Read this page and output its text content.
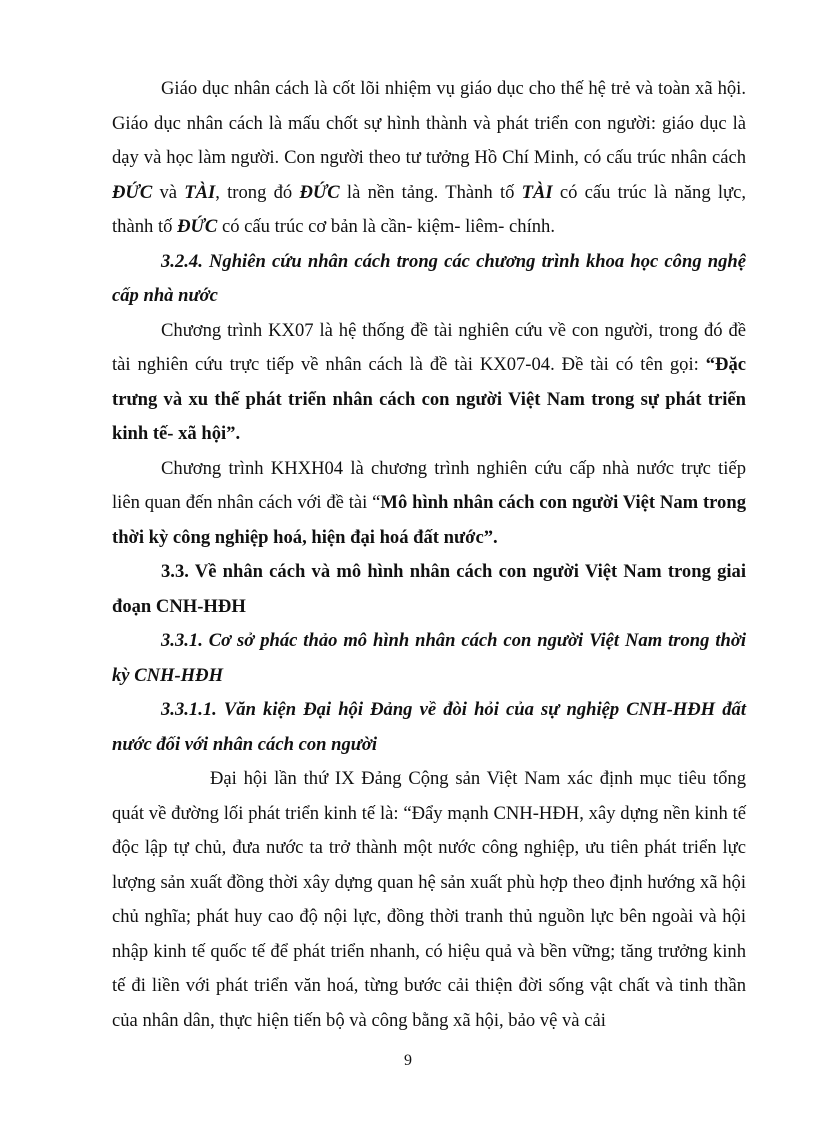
Giáo dục nhân cách là cốt lõi nhiệm vụ giáo dục cho thế hệ trẻ và toàn xã hội. Giáo dục nhân cách là mấu chốt sự hình thành và phát triển con người: giáo dục là dạy và học làm người. Con người theo tư tưởng Hồ Chí Minh, có cấu trúc nhân cách ĐỨC và TÀI, trong đó ĐỨC là nền tảng. Thành tố TÀI có cấu trúc là năng lực, thành tố ĐỨC có cấu trúc cơ bản là cần- kiệm- liêm- chính.

3.2.4. Nghiên cứu nhân cách trong các chương trình khoa học công nghệ cấp nhà nước

Chương trình KX07 là hệ thống đề tài nghiên cứu về con người, trong đó đề tài nghiên cứu trực tiếp về nhân cách là đề tài KX07-04. Đề tài có tên gọi: “Đặc trưng và xu thế phát triển nhân cách con người Việt Nam trong sự phát triển kinh tế- xã hội”.

Chương trình KHXH04 là chương trình nghiên cứu cấp nhà nước trực tiếp liên quan đến nhân cách với đề tài “Mô hình nhân cách con người Việt Nam trong thời kỳ công nghiệp hoá, hiện đại hoá đất nước”.

3.3. Về nhân cách và mô hình nhân cách con người Việt Nam trong giai đoạn CNH-HĐH

3.3.1. Cơ sở phác thảo mô hình nhân cách con người Việt Nam trong thời kỳ CNH-HĐH

3.3.1.1. Văn kiện Đại hội Đảng về đòi hỏi của sự nghiệp CNH-HĐH đất nước đối với nhân cách con người

Đại hội lần thứ IX Đảng Cộng sản Việt Nam xác định mục tiêu tổng quát về đường lối phát triển kinh tế là: “Đẩy mạnh CNH-HĐH, xây dựng nền kinh tế độc lập tự chủ, đưa nước ta trở thành một nước công nghiệp, ưu tiên phát triển lực lượng sản xuất đồng thời xây dựng quan hệ sản xuất phù hợp theo định hướng xã hội chủ nghĩa; phát huy cao độ nội lực, đồng thời tranh thủ nguồn lực bên ngoài và hội nhập kinh tế quốc tế để phát triển nhanh, có hiệu quả và bền vững; tăng trưởng kinh tế đi liền với phát triển văn hoá, từng bước cải thiện đời sống vật chất và tinh thần của nhân dân, thực hiện tiến bộ và công bằng xã hội, bảo vệ và cải

9
